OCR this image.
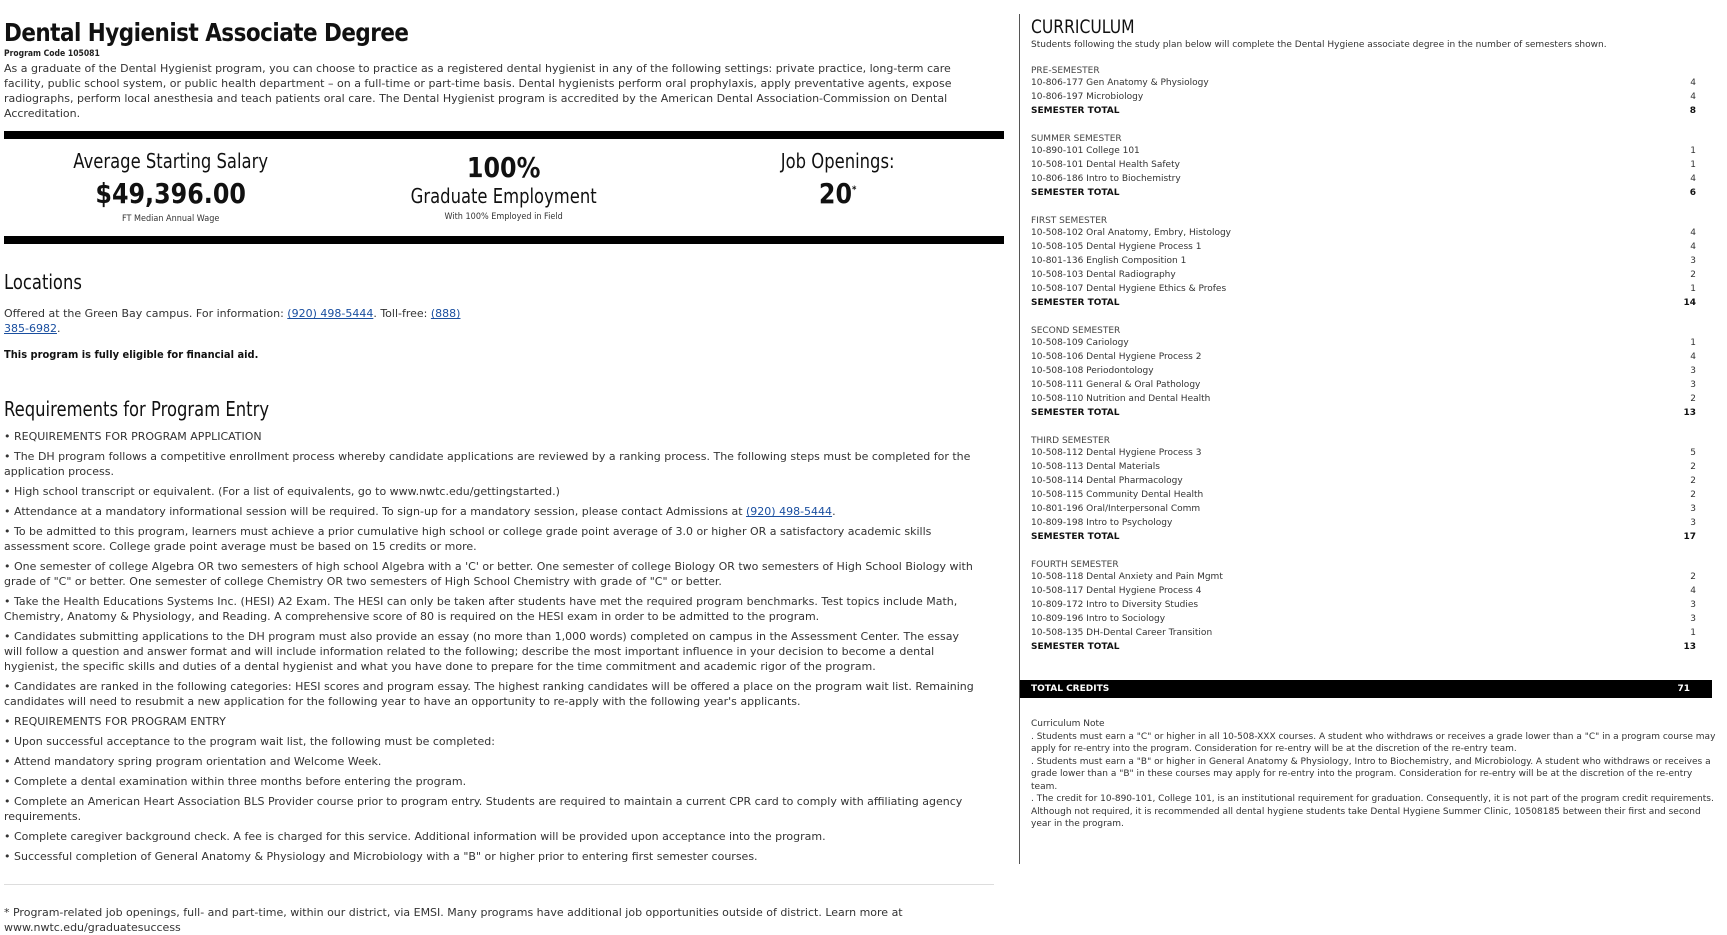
Dental Hygienist Associate Degree
Program Code 105081

As a graduate of the Dental Hygienist program, you can choose to practice as a registered dental hygienist in any of the following settings: private practice, long-term care facility, public school system, or public health department – on a full-time or part-time basis. Dental hygienists perform oral prophylaxis, apply preventative agents, expose radiographs, perform local anesthesia and teach patients oral care. The Dental Hygienist program is accredited by the American Dental Association-Commission on Dental Accreditation.

Average Starting Salary
$49,396.00
FT Median Annual Wage
100%
Graduate Employment
With 100% Employed in Field
Job Openings:
20*
Locations
Offered at the Green Bay campus. For information: (920) 498-5444. Toll-free: (888) 385-6982.
This program is fully eligible for financial aid.
Requirements for Program Entry
• REQUIREMENTS FOR PROGRAM APPLICATION
• The DH program follows a competitive enrollment process whereby candidate applications are reviewed by a ranking process. The following steps must be completed for the application process.
• High school transcript or equivalent. (For a list of equivalents, go to www.nwtc.edu/gettingstarted.)
• Attendance at a mandatory informational session will be required. To sign-up for a mandatory session, please contact Admissions at (920) 498-5444.
• To be admitted to this program, learners must achieve a prior cumulative high school or college grade point average of 3.0 or higher OR a satisfactory academic skills assessment score. College grade point average must be based on 15 credits or more.
• One semester of college Algebra OR two semesters of high school Algebra with a 'C' or better. One semester of college Biology OR two semesters of High School Biology with grade of "C" or better. One semester of college Chemistry OR two semesters of High School Chemistry with grade of "C" or better.
• Take the Health Educations Systems Inc. (HESI) A2 Exam. The HESI can only be taken after students have met the required program benchmarks. Test topics include Math, Chemistry, Anatomy & Physiology, and Reading. A comprehensive score of 80 is required on the HESI exam in order to be admitted to the program.
• Candidates submitting applications to the DH program must also provide an essay (no more than 1,000 words) completed on campus in the Assessment Center. The essay will follow a question and answer format and will include information related to the following; describe the most important influence in your decision to become a dental hygienist, the specific skills and duties of a dental hygienist and what you have done to prepare for the time commitment and academic rigor of the program.
• Candidates are ranked in the following categories: HESI scores and program essay. The highest ranking candidates will be offered a place on the program wait list. Remaining candidates will need to resubmit a new application for the following year to have an opportunity to re-apply with the following year's applicants.
• REQUIREMENTS FOR PROGRAM ENTRY
• Upon successful acceptance to the program wait list, the following must be completed:
• Attend mandatory spring program orientation and Welcome Week.
• Complete a dental examination within three months before entering the program.
• Complete an American Heart Association BLS Provider course prior to program entry. Students are required to maintain a current CPR card to comply with affiliating agency requirements.
• Complete caregiver background check. A fee is charged for this service. Additional information will be provided upon acceptance into the program.
• Successful completion of General Anatomy & Physiology and Microbiology with a "B" or higher prior to entering first semester courses.
* Program-related job openings, full- and part-time, within our district, via EMSI. Many programs have additional job opportunities outside of district. Learn more at
www.nwtc.edu/graduatesuccess
CURRICULUM
Students following the study plan below will complete the Dental Hygiene associate degree in the number of semesters shown.
PRE-SEMESTER
10-806-177 Gen Anatomy & Physiology	4
10-806-197 Microbiology	4
SEMESTER TOTAL	8
SUMMER SEMESTER
10-890-101 College 101	1
10-508-101 Dental Health Safety	1
10-806-186 Intro to Biochemistry	4
SEMESTER TOTAL	6
FIRST SEMESTER
10-508-102 Oral Anatomy, Embry, Histology	4
10-508-105 Dental Hygiene Process 1	4
10-801-136 English Composition 1	3
10-508-103 Dental Radiography	2
10-508-107 Dental Hygiene Ethics & Profes	1
SEMESTER TOTAL	14
SECOND SEMESTER
10-508-109 Cariology	1
10-508-106 Dental Hygiene Process 2	4
10-508-108 Periodontology	3
10-508-111 General & Oral Pathology	3
10-508-110 Nutrition and Dental Health	2
SEMESTER TOTAL	13
THIRD SEMESTER
10-508-112 Dental Hygiene Process 3	5
10-508-113 Dental Materials	2
10-508-114 Dental Pharmacology	2
10-508-115 Community Dental Health	2
10-801-196 Oral/Interpersonal Comm	3
10-809-198 Intro to Psychology	3
SEMESTER TOTAL	17
FOURTH SEMESTER
10-508-118 Dental Anxiety and Pain Mgmt	2
10-508-117 Dental Hygiene Process 4	4
10-809-172 Intro to Diversity Studies	3
10-809-196 Intro to Sociology	3
10-508-135 DH-Dental Career Transition	1
SEMESTER TOTAL	13
TOTAL CREDITS	71
Curriculum Note
. Students must earn a "C" or higher in all 10-508-XXX courses. A student who withdraws or receives a grade lower than a "C" in a program course may apply for re-entry into the program. Consideration for re-entry will be at the discretion of the re-entry team.
. Students must earn a "B" or higher in General Anatomy & Physiology, Intro to Biochemistry, and Microbiology. A student who withdraws or receives a grade lower than a "B" in these courses may apply for re-entry into the program. Consideration for re-entry will be at the discretion of the re-entry team.
. The credit for 10-890-101, College 101, is an institutional requirement for graduation. Consequently, it is not part of the program credit requirements. Although not required, it is recommended all dental hygiene students take Dental Hygiene Summer Clinic, 10508185 between their first and second year in the program.
